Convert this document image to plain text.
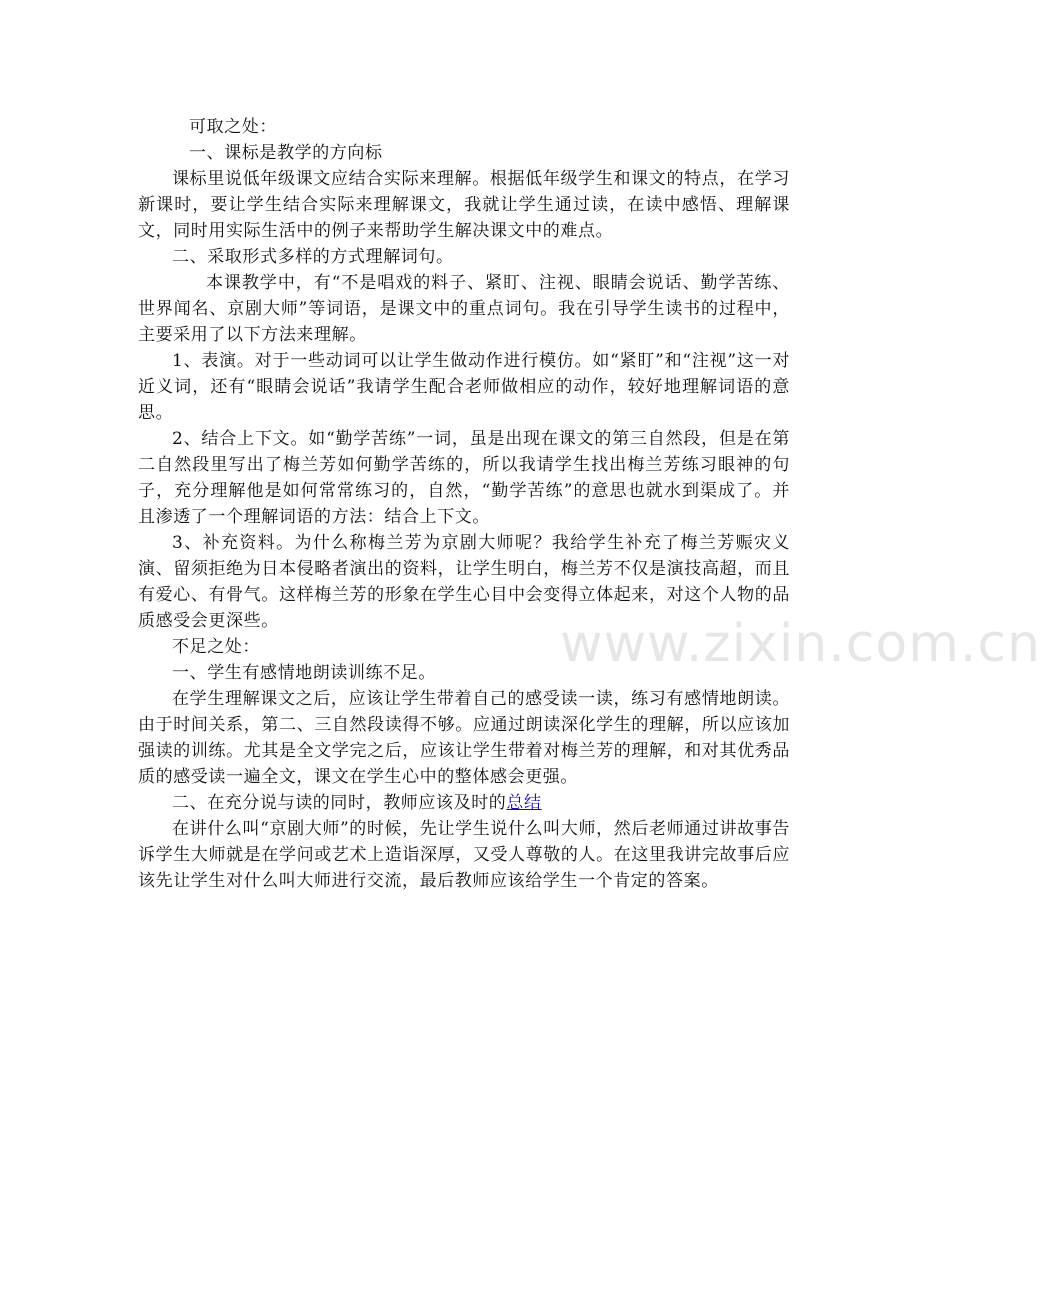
可取之处：

一、课标是教学的方向标

课标里说低年级课文应结合实际来理解。根据低年级学生和课文的特点，在学习新课时，要让学生结合实际来理解课文，我就让学生通过读，在读中感悟、理解课文，同时用实际生活中的例子来帮助学生解决课文中的难点。

二、采取形式多样的方式理解词句。

本课教学中，有“不是唱戏的料子、紧盯、注视、眼睛会说话、勤学苦练、世界闻名、京剧大师”等词语，是课文中的重点词句。我在引导学生读书的过程中，主要采用了以下方法来理解。

1、表演。对于一些动词可以让学生做动作进行模仿。如“紧盯”和“注视”这一对近义词，还有“眼睛会说话”我请学生配合老师做相应的动作，较好地理解词语的意思。

2、结合上下文。如“勤学苦练”一词，虽是出现在课文的第三自然段，但是在第二自然段里写出了梅兰芳如何勤学苦练的，所以我请学生找出梅兰芳练习眼神的句子，充分理解他是如何常常练习的，自然，“勤学苦练”的意思也就水到渠成了。并且渗透了一个理解词语的方法：结合上下文。

3、补充资料。为什么称梅兰芳为京剧大师呢？我给学生补充了梅兰芳赈灾义演、留须拒绝为日本侵略者演出的资料，让学生明白，梅兰芳不仅是演技高超，而且有爱心、有骨气。这样梅兰芳的形象在学生心目中会变得立体起来，对这个人物的品质感受会更深些。

不足之处：

一、学生有感情地朗读训练不足。

在学生理解课文之后，应该让学生带着自己的感受读一读，练习有感情地朗读。由于时间关系，第二、三自然段读得不够。应通过朗读深化学生的理解，所以应该加强读的训练。尤其是全文学完之后，应该让学生带着对梅兰芳的理解，和对其优秀品质的感受读一遍全文，课文在学生心中的整体感会更强。

二、在充分说与读的同时，教师应该及时的总结

在讲什么叫“京剧大师”的时候，先让学生说什么叫大师，然后老师通过讲故事告诉学生大师就是在学问或艺术上造诣深厚，又受人尊敬的人。在这里我讲完故事后应该先让学生对什么叫大师进行交流，最后教师应该给学生一个肯定的答案。

www.zixin.com.cn
